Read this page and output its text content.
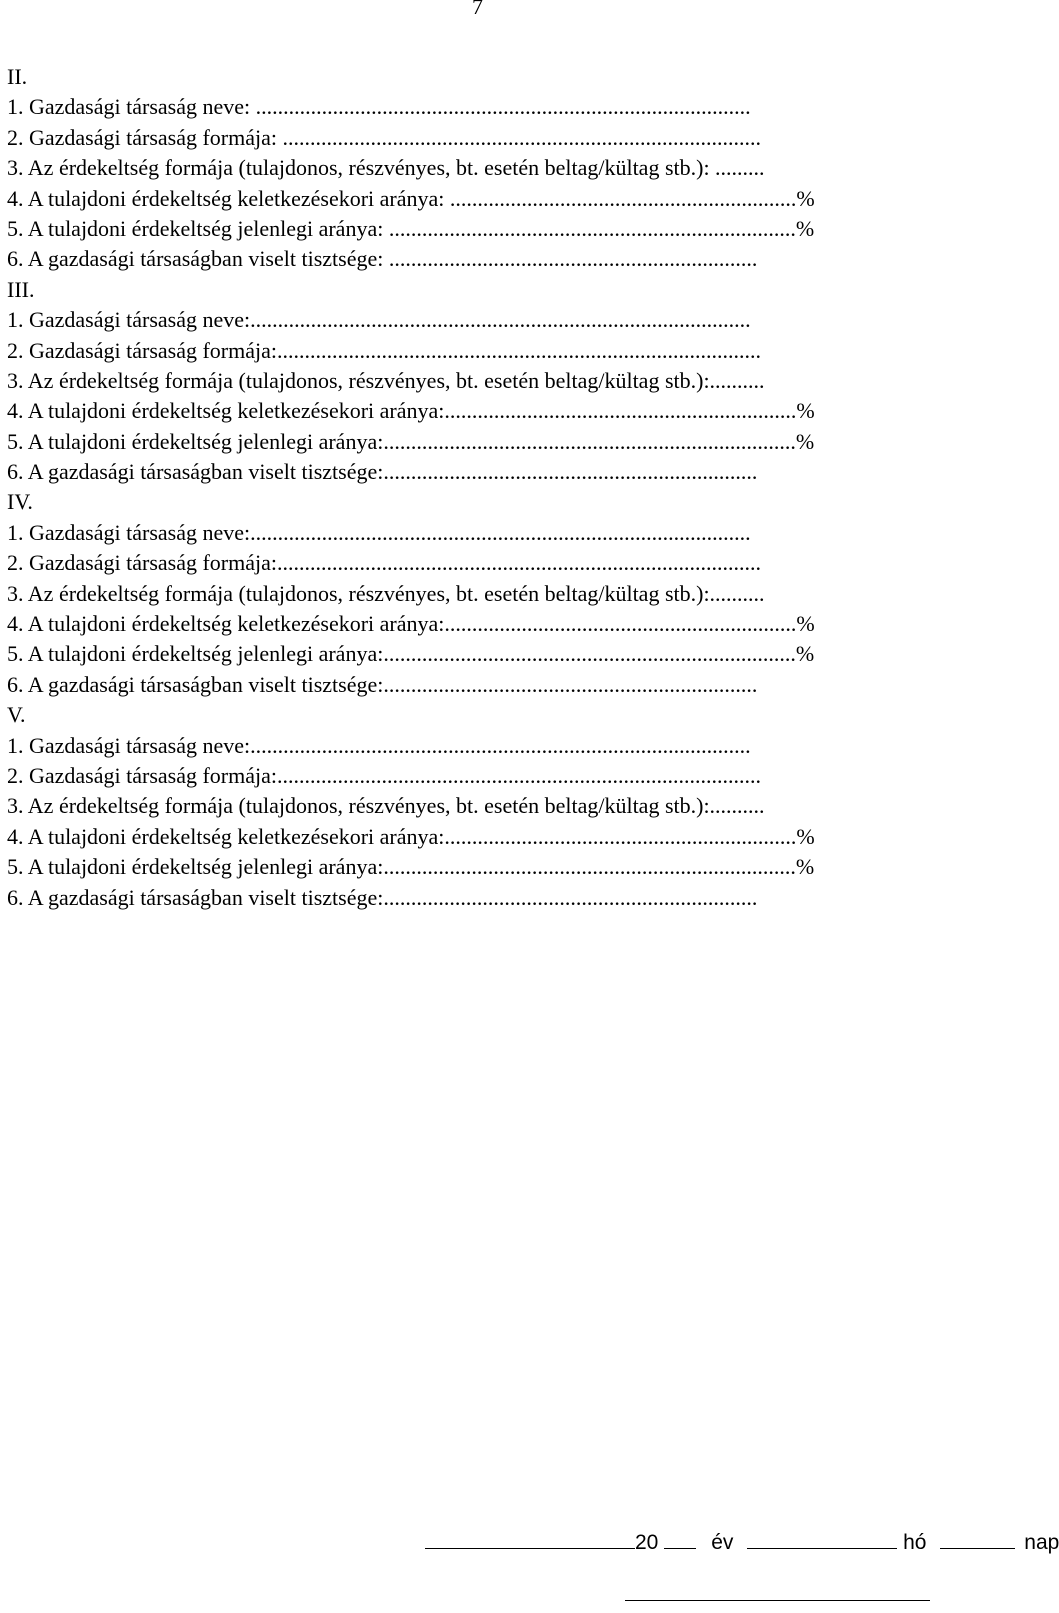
7
II.
1. Gazdasági társaság neve: ..........................................................................................
2. Gazdasági társaság formája: .......................................................................................
3. Az érdekeltség formája (tulajdonos, részvényes, bt. esetén beltag/kültag stb.): .........
4. A tulajdoni érdekeltség keletkezésekori aránya: ...............................................................%
5. A tulajdoni érdekeltség jelenlegi aránya: ..........................................................................%
6. A gazdasági társaságban viselt tisztsége: ...................................................................
III.
1. Gazdasági társaság neve:...........................................................................................
2. Gazdasági társaság formája:........................................................................................
3. Az érdekeltség formája (tulajdonos, részvényes, bt. esetén beltag/kültag stb.):..........
4. A tulajdoni érdekeltség keletkezésekori aránya:................................................................%
5. A tulajdoni érdekeltség jelenlegi aránya:...........................................................................%
6. A gazdasági társaságban viselt tisztsége:....................................................................
IV.
1. Gazdasági társaság neve:...........................................................................................
2. Gazdasági társaság formája:........................................................................................
3. Az érdekeltség formája (tulajdonos, részvényes, bt. esetén beltag/kültag stb.):..........
4. A tulajdoni érdekeltség keletkezésekori aránya:................................................................%
5. A tulajdoni érdekeltség jelenlegi aránya:...........................................................................%
6. A gazdasági társaságban viselt tisztsége:....................................................................
V.
1. Gazdasági társaság neve:...........................................................................................
2. Gazdasági társaság formája:........................................................................................
3. Az érdekeltség formája (tulajdonos, részvényes, bt. esetén beltag/kültag stb.):..........
4. A tulajdoni érdekeltség keletkezésekori aránya:................................................................%
5. A tulajdoni érdekeltség jelenlegi aránya:...........................................................................%
6. A gazdasági társaságban viselt tisztsége:....................................................................
20	év	hó	nap
